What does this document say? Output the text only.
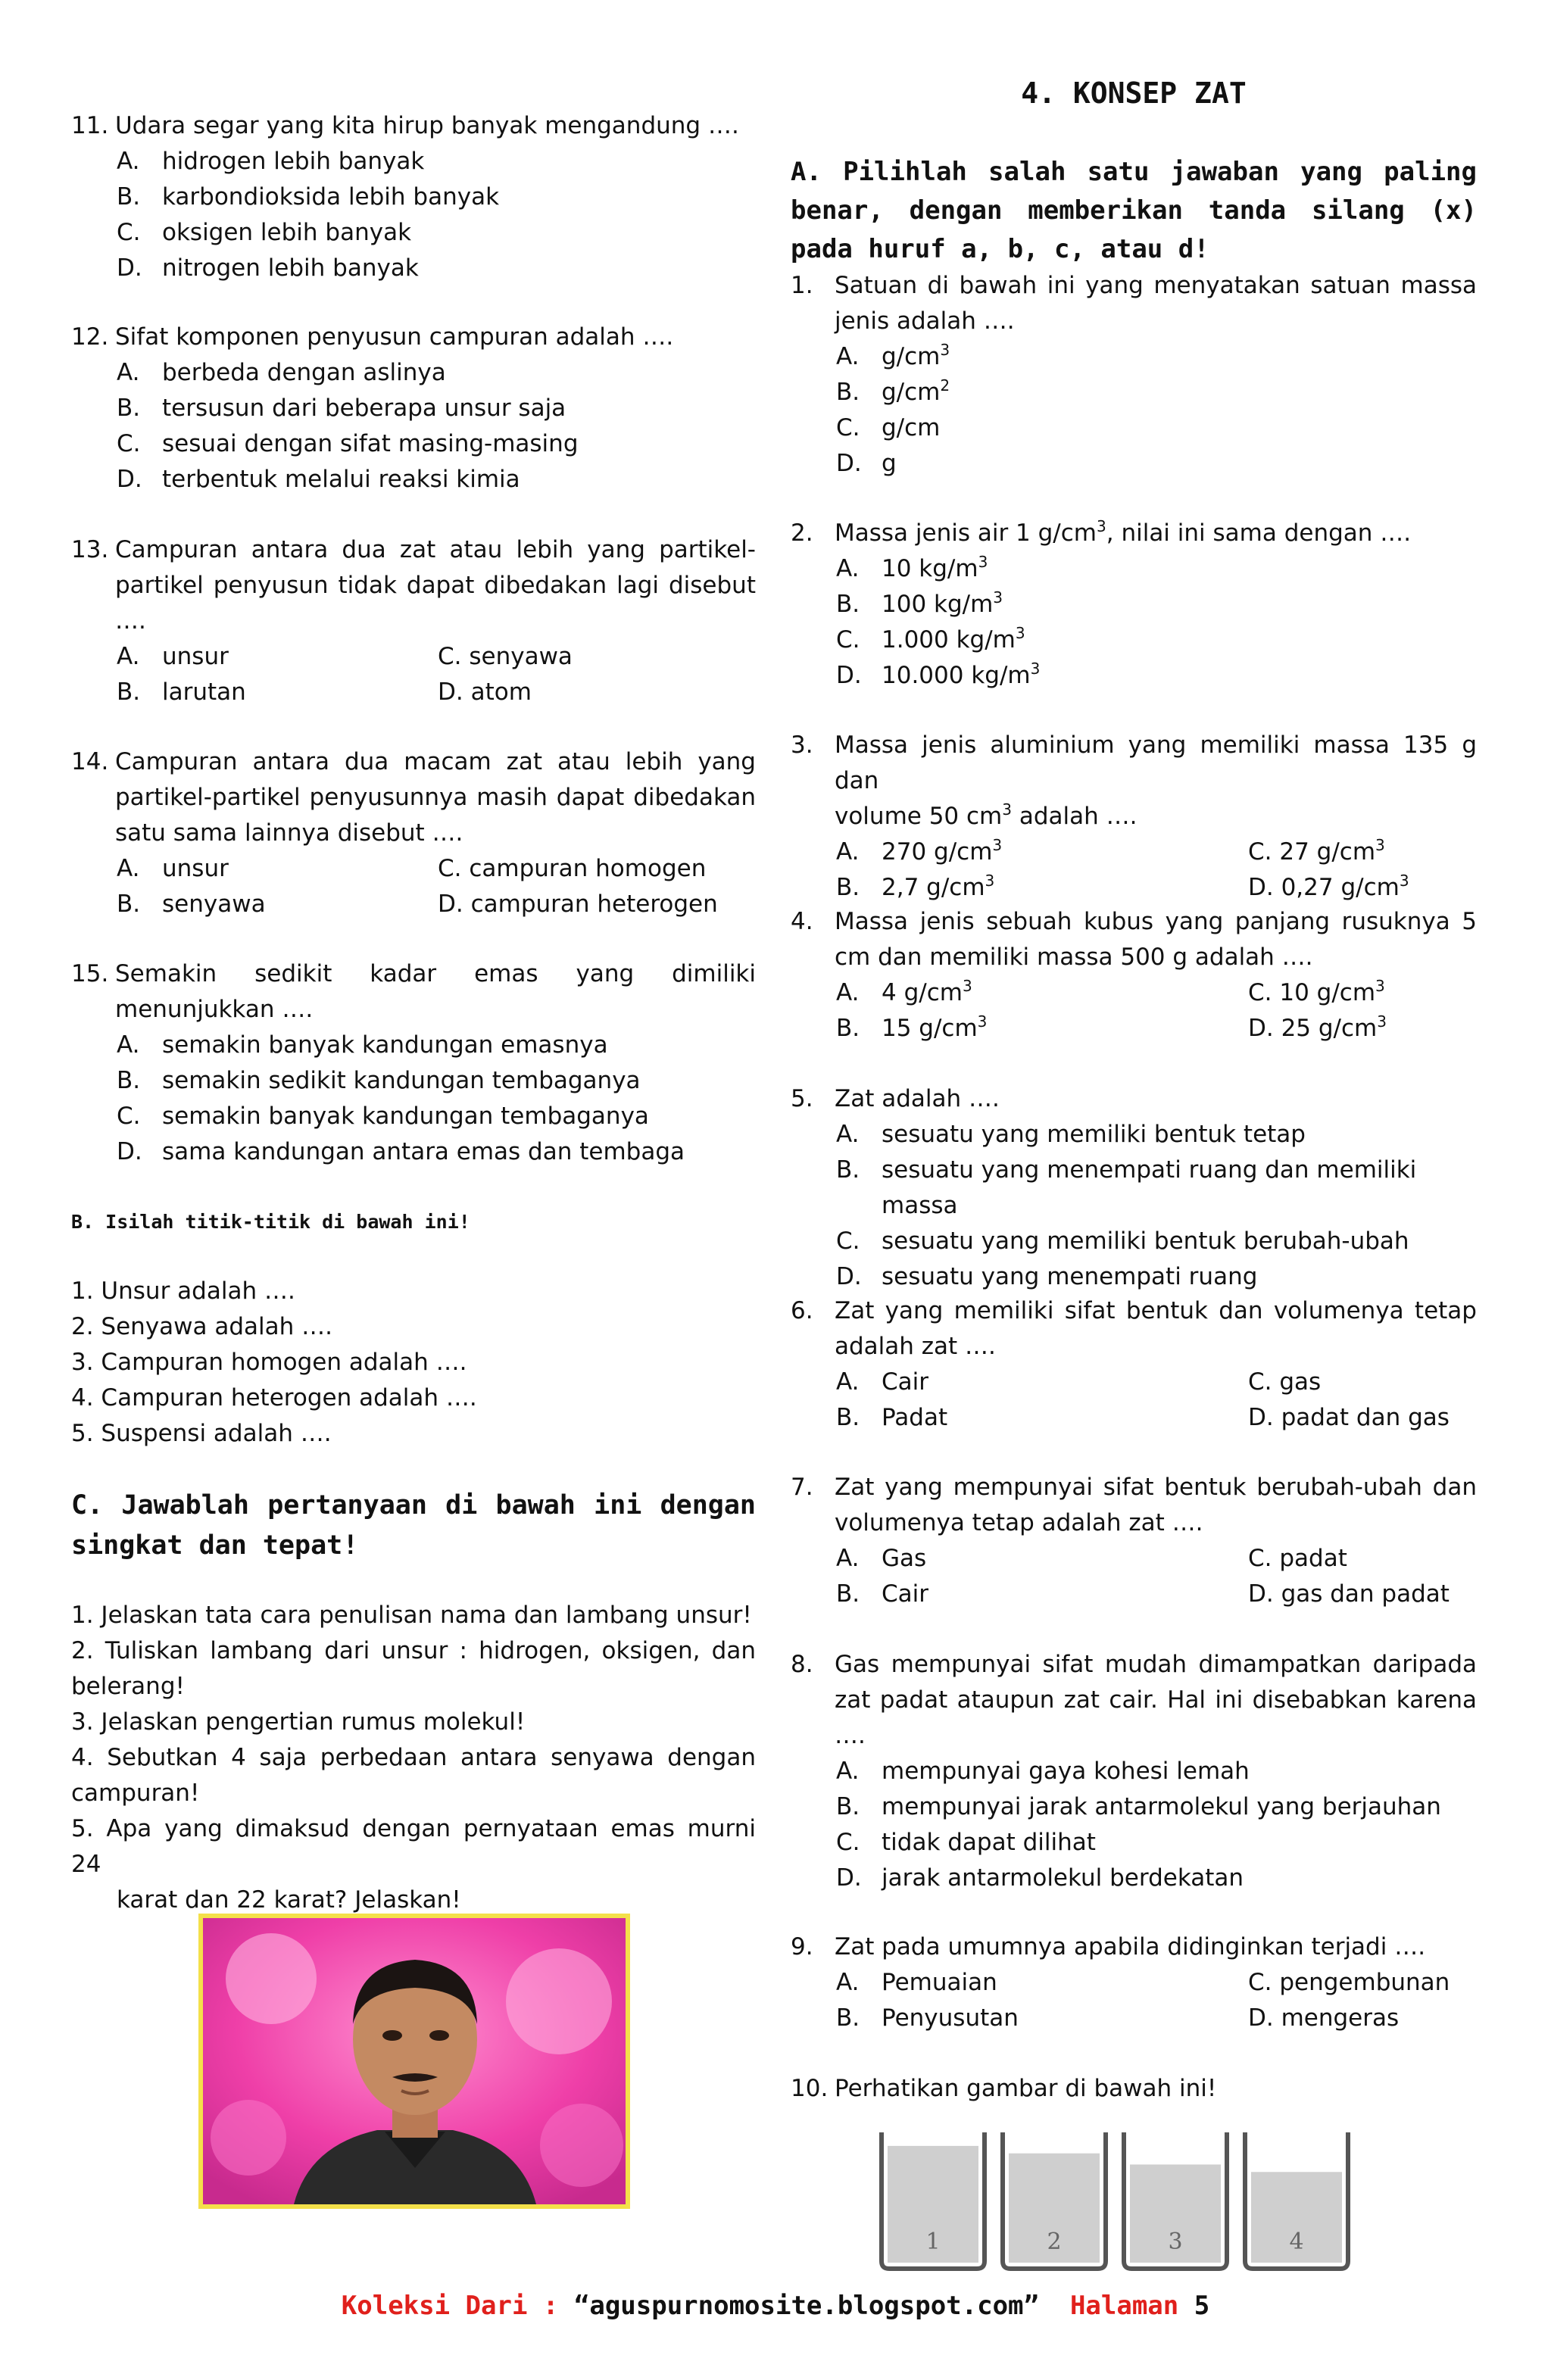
11. Udara segar yang kita hirup banyak mengandung ….
A. hidrogen lebih banyak
B. karbondioksida lebih banyak
C. oksigen lebih banyak
D. nitrogen lebih banyak
12. Sifat komponen penyusun campuran adalah ….
A. berbeda dengan aslinya
B. tersusun dari beberapa unsur saja
C. sesuai dengan sifat masing-masing
D. terbentuk melalui reaksi kimia
13. Campuran antara dua zat atau lebih yang partikel-partikel penyusun tidak dapat dibedakan lagi disebut ….
A. unsur	C. senyawa
B. larutan	D. atom
14. Campuran antara dua macam zat atau lebih yang partikel-partikel penyusunnya masih dapat dibedakan satu sama lainnya disebut ….
A. unsur	C. campuran homogen
B. senyawa	D. campuran heterogen
15. Semakin sedikit kadar emas yang dimiliki menunjukkan ….
A. semakin banyak kandungan emasnya
B. semakin sedikit kandungan tembaganya
C. semakin banyak kandungan tembaganya
D. sama kandungan antara emas dan tembaga
B. Isilah titik-titik di bawah ini!
1. Unsur adalah ….
2. Senyawa adalah ….
3. Campuran homogen adalah ….
4. Campuran heterogen adalah ….
5. Suspensi adalah ….
C. Jawablah pertanyaan di bawah ini dengan singkat dan tepat!
1. Jelaskan tata cara penulisan nama dan lambang unsur!
2. Tuliskan lambang dari unsur : hidrogen, oksigen, dan belerang!
3. Jelaskan pengertian rumus molekul!
4. Sebutkan 4 saja perbedaan antara senyawa dengan campuran!
5. Apa yang dimaksud dengan pernyataan emas murni 24
karat dan 22 karat? Jelaskan!
4. KONSEP ZAT
A. Pilihlah salah satu jawaban yang paling benar, dengan memberikan tanda silang (x) pada huruf a, b, c, atau d!
1. Satuan di bawah ini yang menyatakan satuan massa jenis adalah ….
A. $g/cm^3$
B. $g/cm^2$
C. g/cm
D. g
2. Massa jenis air 1 $g/cm^3$, nilai ini sama dengan ….
A. 10 $kg/m^3$
B. 100 $kg/m^3$
C. 1.000 $kg/m^3$
D. 10.000 $kg/m^3$
3. Massa jenis aluminium yang memiliki massa 135 g dan
volume 50 $cm^3$ adalah ….
A. 270 $g/cm^3$	C. 27 $g/cm^3$
B. 2,7 $g/cm^3$	D. 0,27 $g/cm^3$
4. Massa jenis sebuah kubus yang panjang rusuknya 5 cm dan memiliki massa 500 g adalah ….
A. 4 $g/cm^3$	C. 10 $g/cm^3$
B. 15 $g/cm^3$	D. 25 $g/cm^3$
5. Zat adalah ….
A. sesuatu yang memiliki bentuk tetap
B. sesuatu yang menempati ruang dan memiliki massa
C. sesuatu yang memiliki bentuk berubah-ubah
D. sesuatu yang menempati ruang
6. Zat yang memiliki sifat bentuk dan volumenya tetap adalah zat ….
A. Cair	C. gas
B. Padat	D. padat dan gas
7. Zat yang mempunyai sifat bentuk berubah-ubah dan volumenya tetap adalah zat ….
A. Gas	C. padat
B. Cair	D. gas dan padat
8. Gas mempunyai sifat mudah dimampatkan daripada zat padat ataupun zat cair. Hal ini disebabkan karena ….
A. mempunyai gaya kohesi lemah
B. mempunyai jarak antarmolekul yang berjauhan
C. tidak dapat dilihat
D. jarak antarmolekul berdekatan
9. Zat pada umumnya apabila didinginkan terjadi ….
A. Pemuaian	C. pengembunan
B. Penyusutan	D. mengeras
10. Perhatikan gambar di bawah ini!
1	2	3	4
Koleksi Dari : “aguspurnomosite.blogspot.com” Halaman 5
